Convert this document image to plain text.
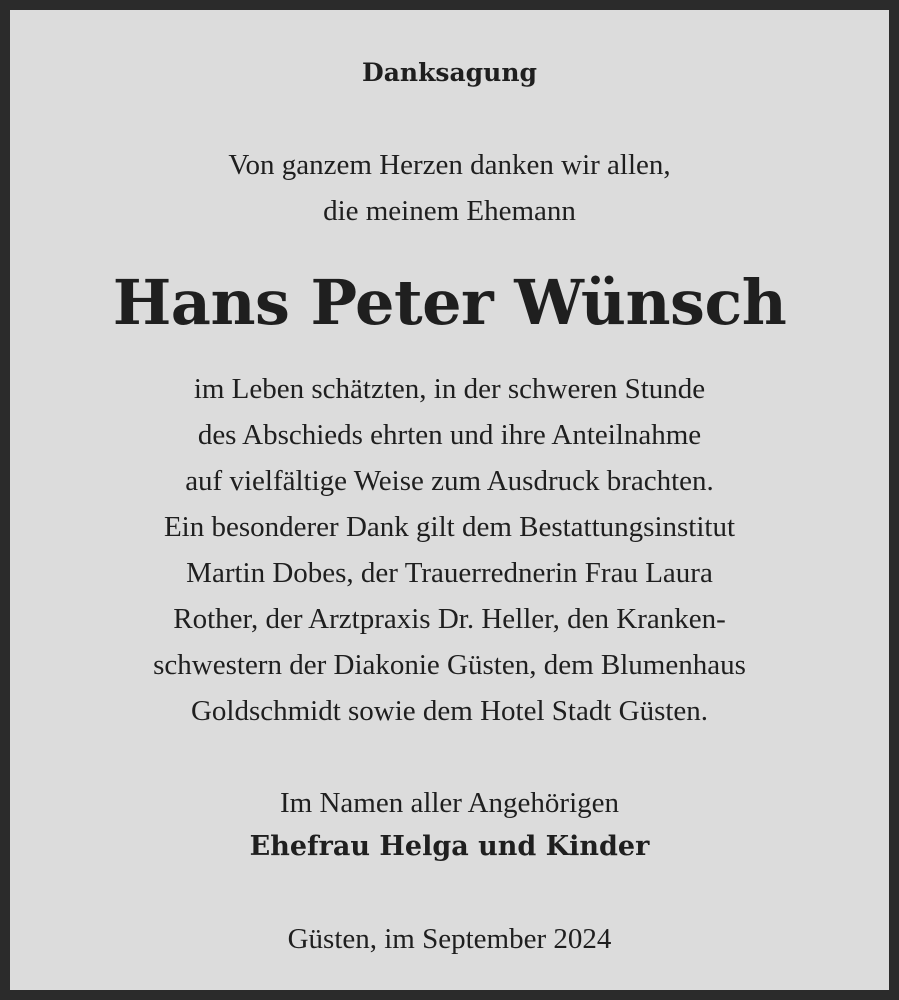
Danksagung
Von ganzem Herzen danken wir allen,
die meinem Ehemann
Hans Peter Wünsch
im Leben schätzten, in der schweren Stunde
des Abschieds ehrten und ihre Anteilnahme
auf vielfältige Weise zum Ausdruck brachten.
Ein besonderer Dank gilt dem Bestattungsinstitut
Martin Dobes, der Trauerrednerin Frau Laura
Rother, der Arztpraxis Dr. Heller, den Kranken-
schwestern der Diakonie Güsten, dem Blumenhaus
Goldschmidt sowie dem Hotel Stadt Güsten.
Im Namen aller Angehörigen
Ehefrau Helga und Kinder
Güsten, im September 2024
